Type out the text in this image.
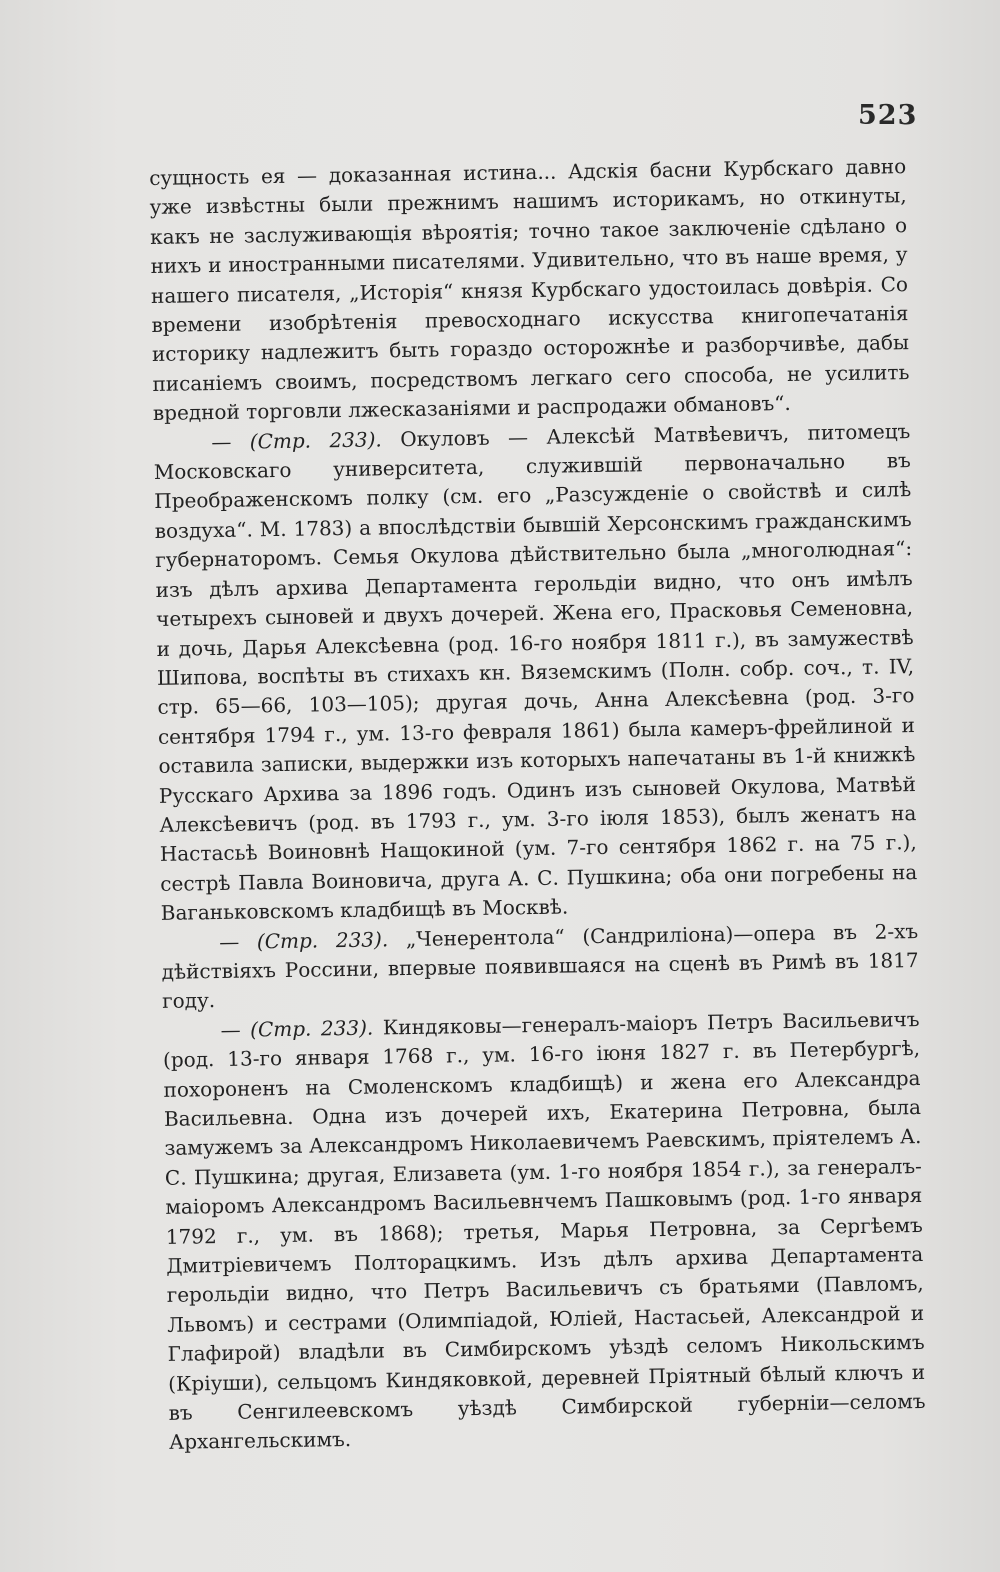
523

сущность ея — доказанная истина... Адскія басни Курбскаго давно уже извѣстны были прежнимъ нашимъ историкамъ, но откинуты, какъ не заслуживающія вѣроятія; точно такое заключеніе сдѣлано о нихъ и иностранными писателями. Удивительно, что въ наше время, у нашего писателя, „Исторія“ князя Курбскаго удостоилась довѣрія. Со времени изобрѣтенія превосходнаго искусства книгопечатанія историку надлежитъ быть гораздо осторожнѣе и разборчивѣе, дабы писаніемъ своимъ, посредствомъ легкаго сего способа, не усилить вредной торговли лжесказаніями и распродажи обмановъ“.

— (Стр. 233). Окуловъ — Алексѣй Матвѣевичъ, питомецъ Московскаго университета, служившій первоначально въ Преображенскомъ полку (см. его „Разсужденіе о свойствѣ и силѣ воздуха“. М. 1783) а впослѣдствіи бывшій Херсонскимъ гражданскимъ губернаторомъ. Семья Окулова дѣйствительно была „многолюдная“: изъ дѣлъ архива Департамента герольдіи видно, что онъ имѣлъ четырехъ сыновей и двухъ дочерей. Жена его, Прасковья Семеновна, и дочь, Дарья Алексѣевна (род. 16-го ноября 1811 г.), въ замужествѣ Шипова, воспѣты въ стихахъ кн. Вяземскимъ (Полн. собр. соч., т. IV, стр. 65—66, 103—105); другая дочь, Анна Алексѣевна (род. 3-го сентября 1794 г., ум. 13-го февраля 1861) была камеръ-фрейлиной и оставила записки, выдержки изъ которыхъ напечатаны въ 1-й книжкѣ Русскаго Архива за 1896 годъ. Одинъ изъ сыновей Окулова, Матвѣй Алексѣевичъ (род. въ 1793 г., ум. 3-го іюля 1853), былъ женатъ на Настасьѣ Воиновнѣ Нащокиной (ум. 7-го сентября 1862 г. на 75 г.), сестрѣ Павла Воиновича, друга А. С. Пушкина; оба они погребены на Ваганьковскомъ кладбищѣ въ Москвѣ.

— (Стр. 233). „Ченерентола“ (Сандриліона)—опера въ 2-хъ дѣйствіяхъ Россини, впервые появившаяся на сценѣ въ Римѣ въ 1817 году.

— (Стр. 233). Киндяковы—генералъ-маіоръ Петръ Васильевичъ (род. 13-го января 1768 г., ум. 16-го іюня 1827 г. въ Петербургѣ, похороненъ на Смоленскомъ кладбищѣ) и жена его Александра Васильевна. Одна изъ дочерей ихъ, Екатерина Петровна, была замужемъ за Александромъ Николаевичемъ Раевскимъ, пріятелемъ А. С. Пушкина; другая, Елизавета (ум. 1-го ноября 1854 г.), за генералъ-маіоромъ Александромъ Васильевнчемъ Пашковымъ (род. 1-го января 1792 г., ум. въ 1868); третья, Марья Петровна, за Сергѣемъ Дмитріевичемъ Полторацкимъ. Изъ дѣлъ архива Департамента герольдіи видно, что Петръ Васильевичъ съ братьями (Павломъ, Львомъ) и сестрами (Олимпіадой, Юліей, Настасьей, Александрой и Глафирой) владѣли въ Симбирскомъ уѣздѣ селомъ Никольскимъ (Кріуши), сельцомъ Киндяковкой, деревней Пріятный бѣлый ключъ и въ Сенгилеевскомъ уѣздѣ Симбирской губерніи—селомъ Архангельскимъ.
